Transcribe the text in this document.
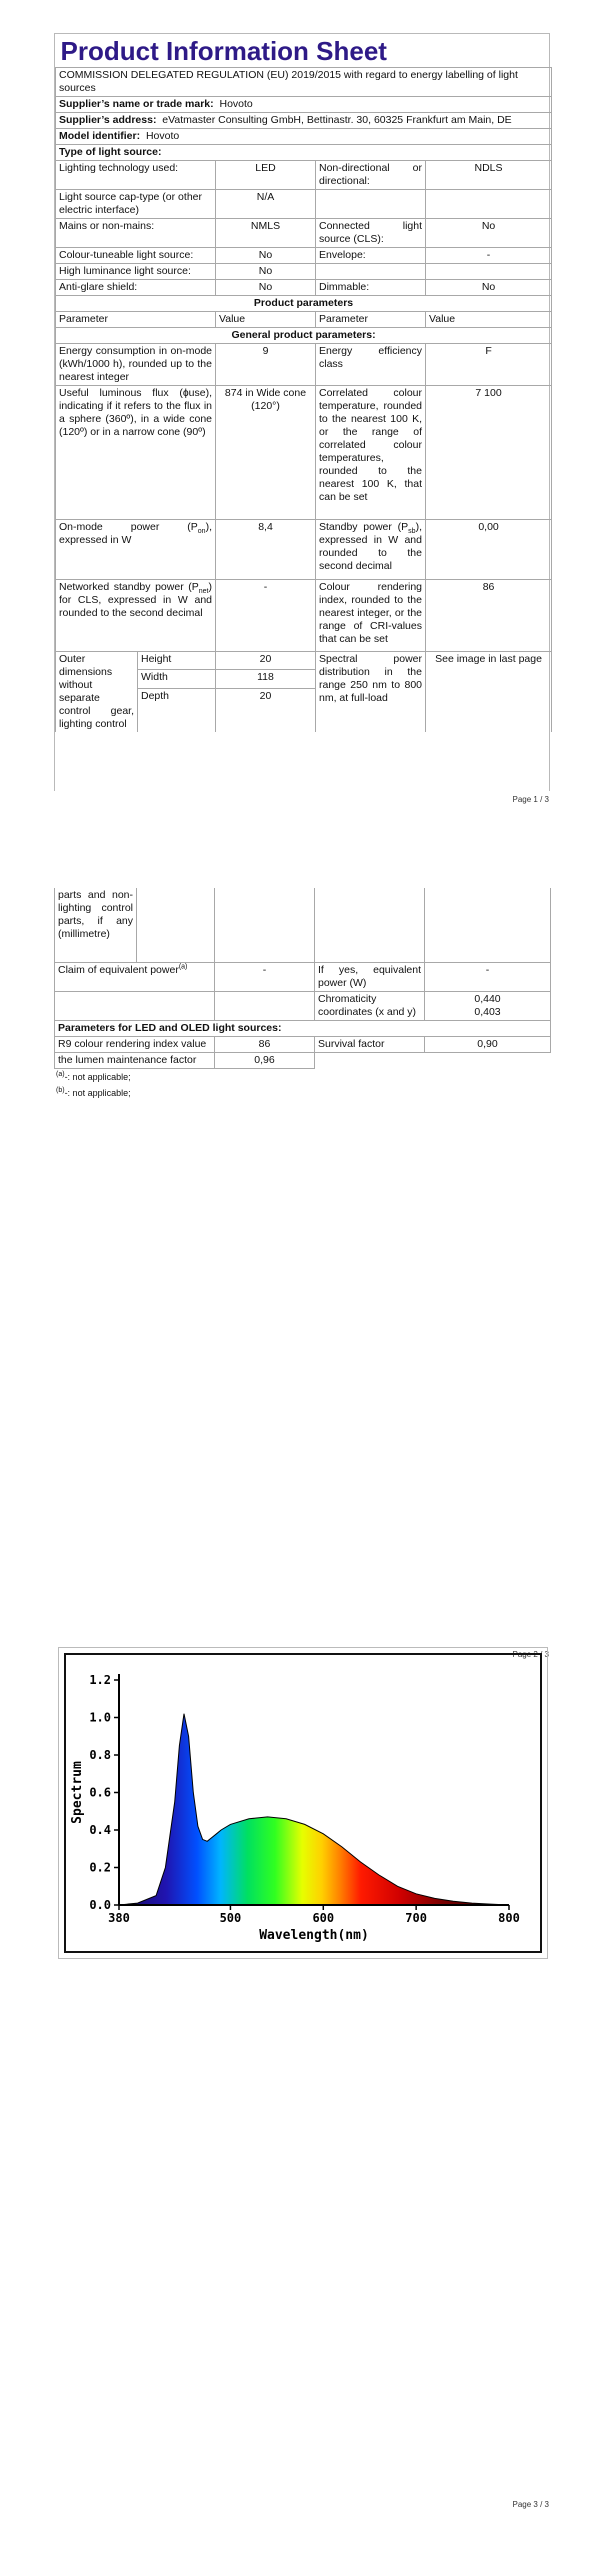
Product Information Sheet				
COMMISSION DELEGATED REGULATION (EU) 2019/2015 with regard to energy labelling of light sources				
Supplier’s name or trade mark: Hovoto				
Supplier’s address: eVatmaster Consulting GmbH, Bettinastr. 30, 60325 Frankfurt am Main, DE				
Model identifier: Hovoto				
Type of light source:				
Lighting technology used:		LED	Non-directional or directional:	NDLS
Light source cap-type (or other electric interface)		N/A		
Mains or non-mains:		NMLS	Connected light source (CLS):	No
Colour-tuneable light source:		No	Envelope:	-
High luminance light source:		No		
Anti-glare shield:		No	Dimmable:	No
Product parameters				
Parameter		Value	Parameter	Value
General product parameters:				
Energy consumption in on-mode (kWh/1000 h), rounded up to the nearest integer		9	Energy efficiency class	F
Useful luminous flux (ɸuse), indicating if it refers to the flux in a sphere (360º), in a wide cone (120º) or in a narrow cone (90º)		874 in Wide cone (120°)	Correlated colour temperature, rounded to the nearest 100 K, or the range of correlated colour temperatures, rounded to the nearest 100 K, that can be set	7 100
On-mode power $(P_{on})$, expressed in W		8,4	Standby power $(P_{sb})$, expressed in W and rounded to the second decimal	0,00
Networked standby power $(P_{net})$ for CLS, expressed in W and rounded to the second decimal		-	Colour rendering index, rounded to the nearest integer, or the range of CRI-values that can be set	86
Outer dimensions without separate control gear, lighting control	Height	20	Spectral power distribution in the range 250 nm to 800 nm, at full-load	See image in last page
	Width	118		
	Depth	20		
Page 1 / 3
parts and non-lighting control parts, if any (millimetre)				
Claim of equivalent power$^{(a)}$		-	If yes, equivalent power (W)	-
			Chromaticity coordinates (x and y)	0,440
0,403

Parameters for LED and OLED light sources:				
R9 colour rendering index value		86	Survival factor	0,90
the lumen maintenance factor		0,96		
$^{(a)}$-: not applicable;
$^{(b)}$-: not applicable;
Page 2 / 3
Page 3 / 3
0.0
0.2
0.4
0.6
0.8
1.0
1.2
380	500	600	700	800
Wavelength(nm)
Spectrum
